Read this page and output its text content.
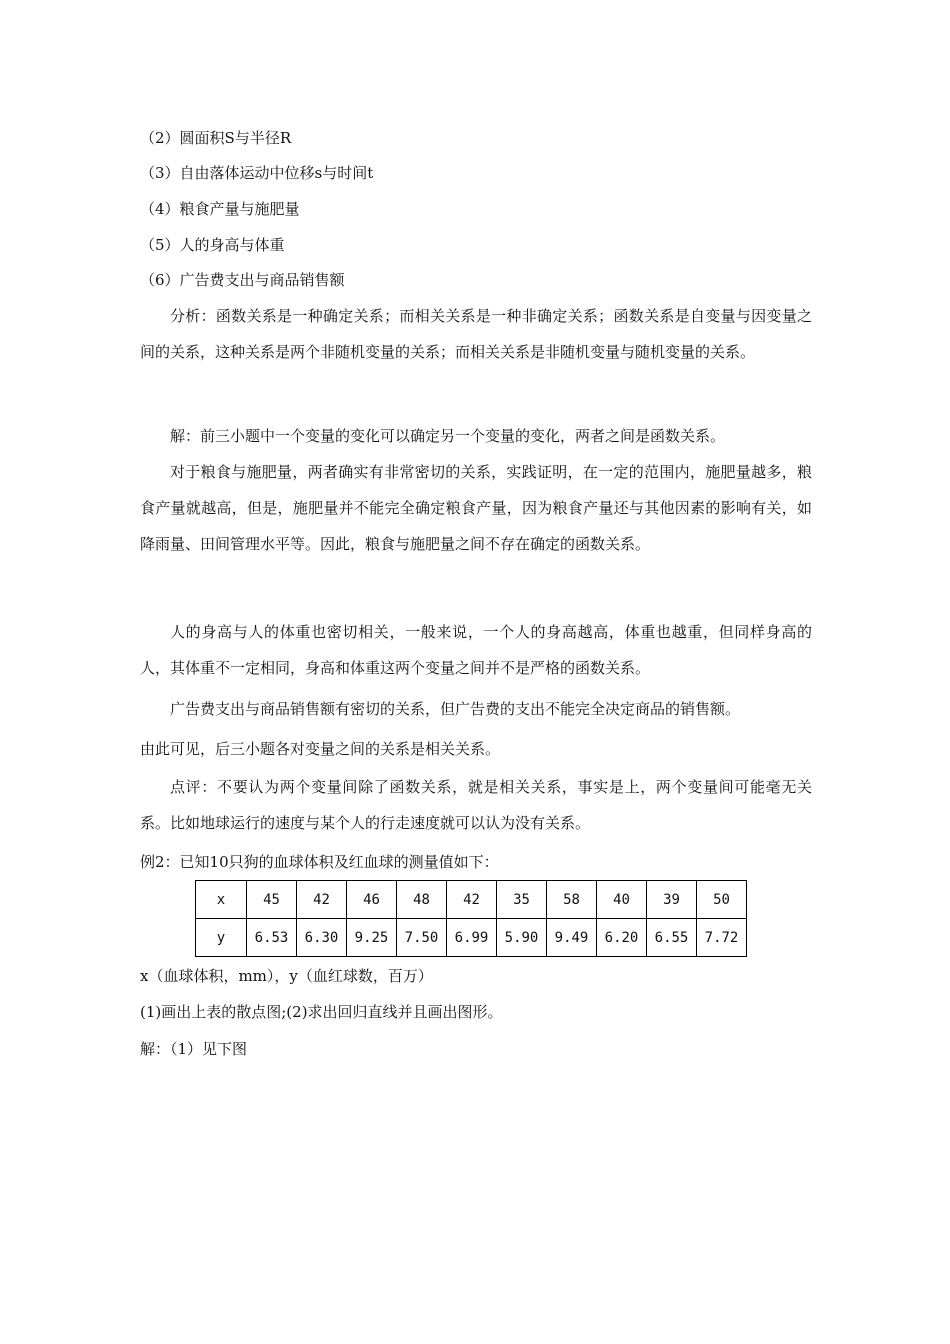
（2）圆面积S与半径R
（3）自由落体运动中位移s与时间t
（4）粮食产量与施肥量
（5）人的身高与体重
（6）广告费支出与商品销售额
分析：函数关系是一种确定关系；而相关关系是一种非确定关系；函数关系是自变量与因变量之间的关系，这种关系是两个非随机变量的关系；而相关关系是非随机变量与随机变量的关系。
解：前三小题中一个变量的变化可以确定另一个变量的变化，两者之间是函数关系。
对于粮食与施肥量，两者确实有非常密切的关系，实践证明，在一定的范围内，施肥量越多，粮食产量就越高，但是，施肥量并不能完全确定粮食产量，因为粮食产量还与其他因素的影响有关，如降雨量、田间管理水平等。因此，粮食与施肥量之间不存在确定的函数关系。
人的身高与人的体重也密切相关，一般来说，一个人的身高越高，体重也越重，但同样身高的人，其体重不一定相同，身高和体重这两个变量之间并不是严格的函数关系。
广告费支出与商品销售额有密切的关系，但广告费的支出不能完全决定商品的销售额。
由此可见，后三小题各对变量之间的关系是相关关系。
点评：不要认为两个变量间除了函数关系，就是相关关系，事实是上，两个变量间可能毫无关系。比如地球运行的速度与某个人的行走速度就可以认为没有关系。
例2：已知10只狗的血球体积及红血球的测量值如下：
x	45	42	46	48	42	35	58	40	39	50
y	6.53	6.30	9.25	7.50	6.99	5.90	9.49	6.20	6.55	7.72
x（血球体积，mm），y（血红球数，百万）
(1)画出上表的散点图;(2)求出回归直线并且画出图形。
解：（1）见下图
